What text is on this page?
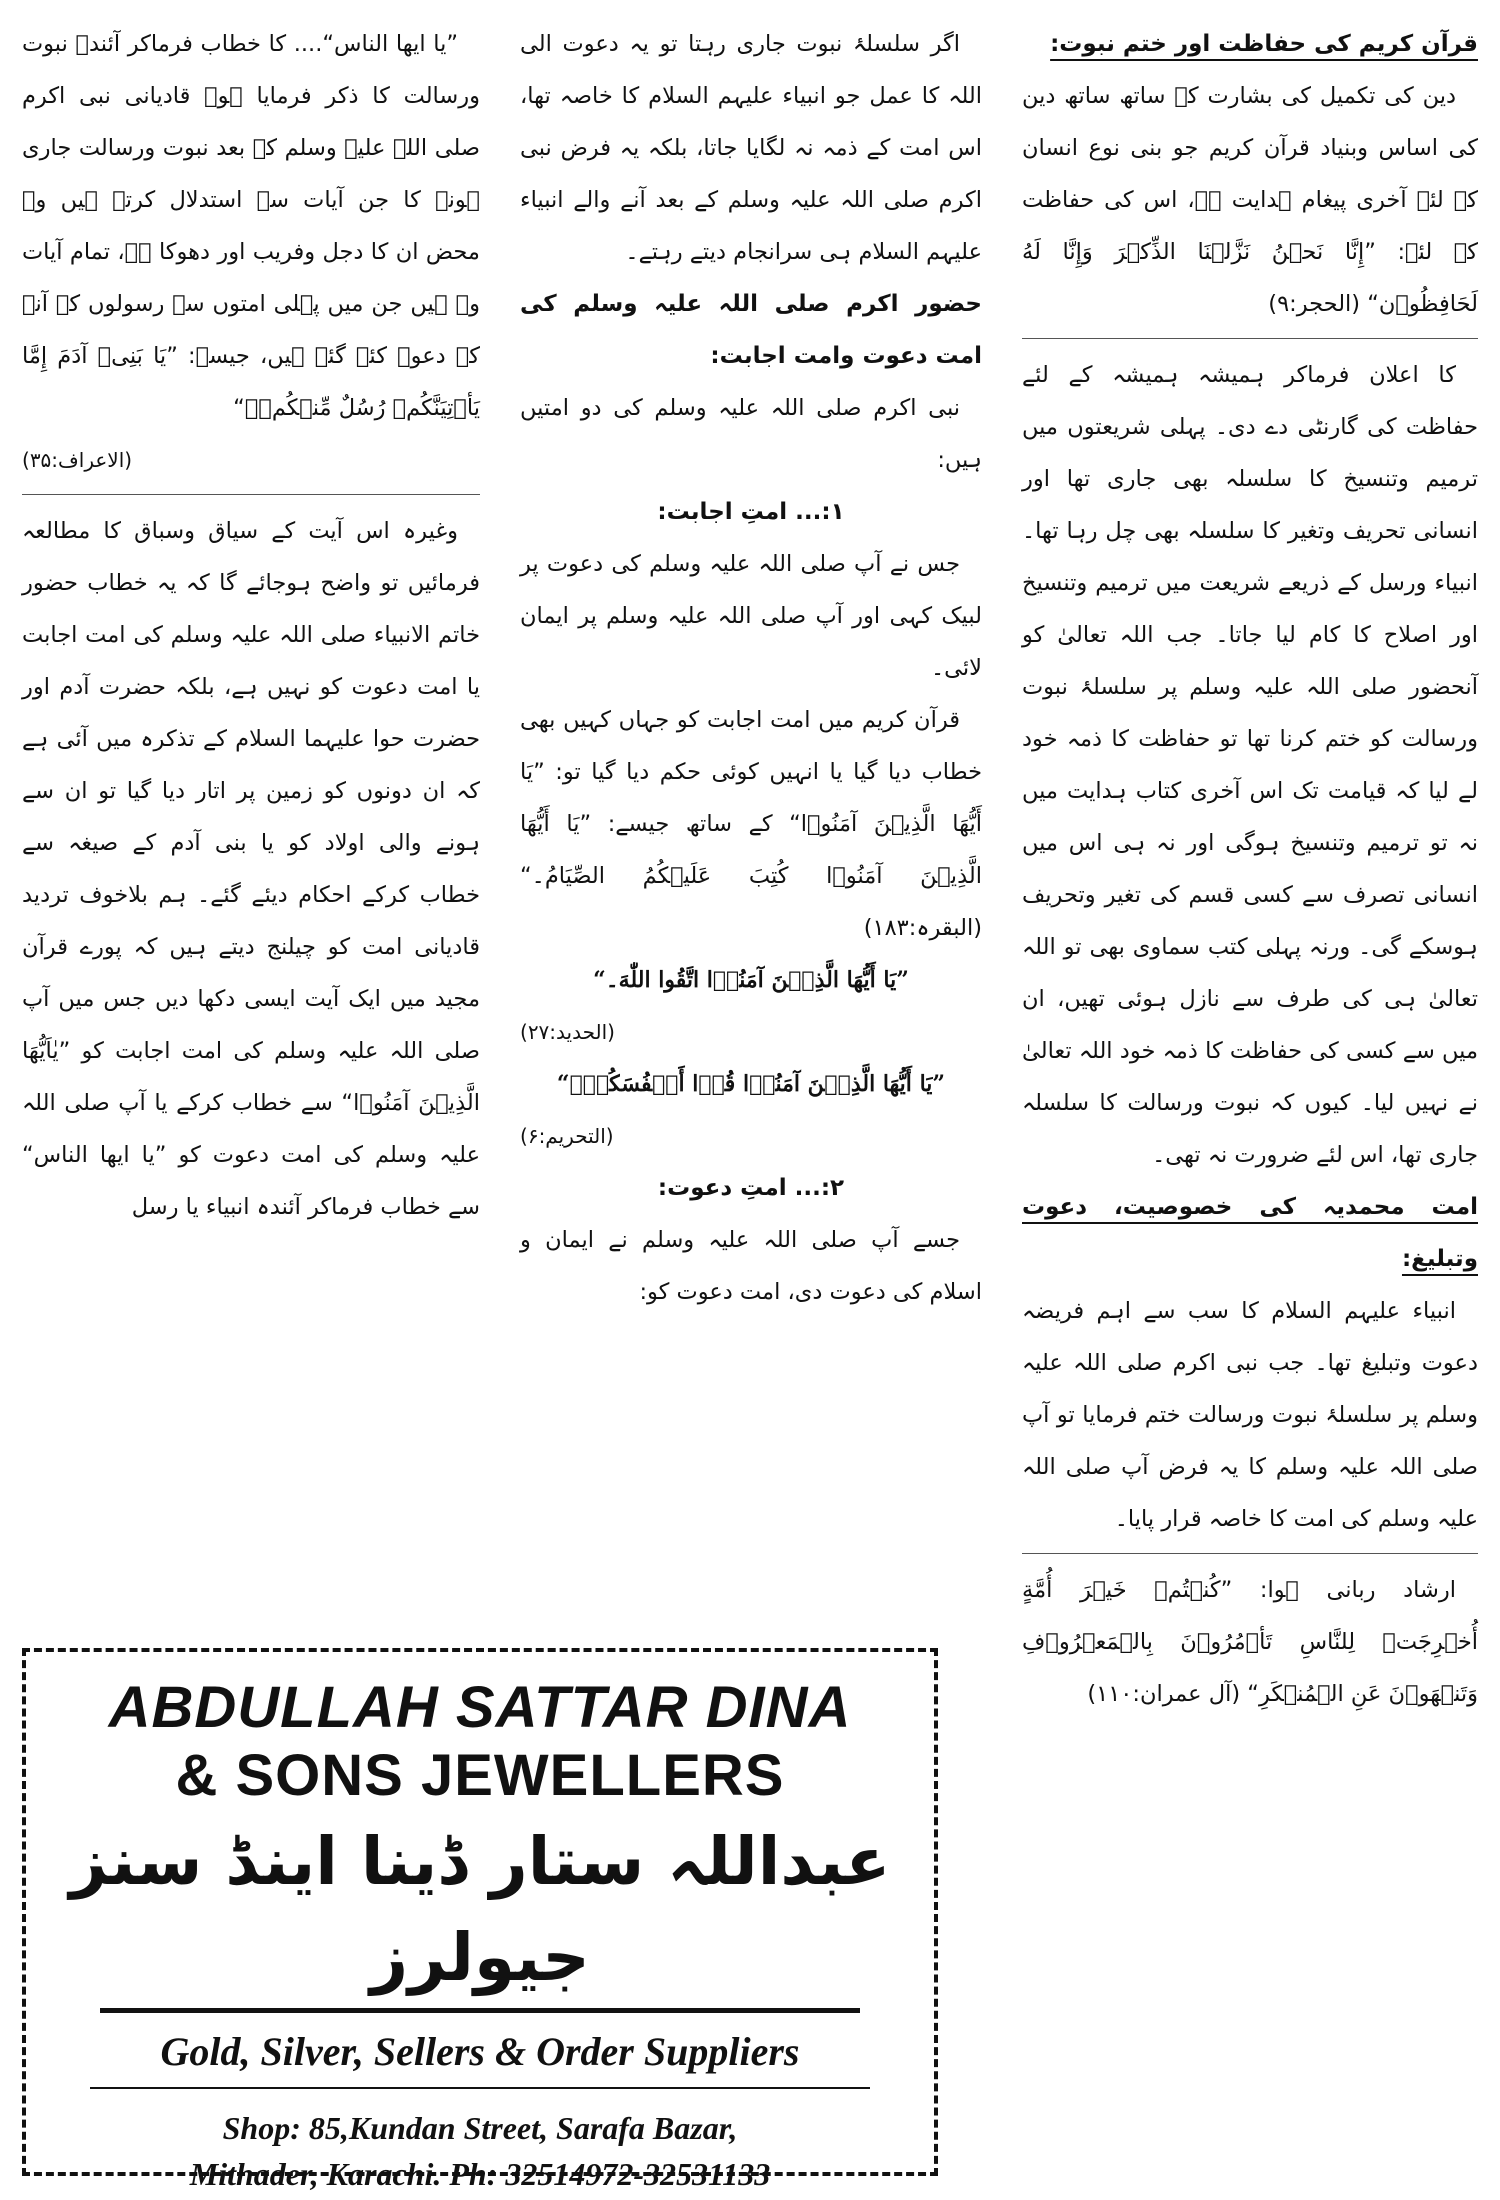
قرآن کریم کی حفاظت اور ختم نبوت:

دین کی تکمیل کی بشارت کے ساتھ ساتھ دین کی اساس وبنیاد قرآن کریم جو بنی نوع انسان کے لئے آخری پیغام ہدایت ہے، اس کی حفاظت کے لئے: ”إِنَّا نَحۡنُ نَزَّلۡنَا الذِّکۡرَ وَإِنَّا لَهُ لَحَافِظُوۡن“ (الحجر:۹)

کا اعلان فرماکر ہمیشہ ہمیشہ کے لئے حفاظت کی گارنٹی دے دی۔ پہلی شریعتوں میں ترمیم وتنسیخ کا سلسلہ بھی جاری تھا اور انسانی تحریف وتغیر کا سلسلہ بھی چل رہا تھا۔ انبیاء ورسل کے ذریعے شریعت میں ترمیم وتنسیخ اور اصلاح کا کام لیا جاتا۔ جب اللہ تعالیٰ کو آنحضور صلی اللہ علیہ وسلم پر سلسلۂ نبوت ورسالت کو ختم کرنا تھا تو حفاظت کا ذمہ خود لے لیا کہ قیامت تک اس آخری کتاب ہدایت میں نہ تو ترمیم وتنسیخ ہوگی اور نہ ہی اس میں انسانی تصرف سے کسی قسم کی تغیر وتحریف ہوسکے گی۔ ورنہ پہلی کتب سماوی بھی تو اللہ تعالیٰ ہی کی طرف سے نازل ہوئی تھیں، ان میں سے کسی کی حفاظت کا ذمہ خود اللہ تعالیٰ نے نہیں لیا۔ کیوں کہ نبوت ورسالت کا سلسلہ جاری تھا، اس لئے ضرورت نہ تھی۔

امت محمدیہ کی خصوصیت، دعوت وتبلیغ:

انبیاء علیہم السلام کا سب سے اہم فریضہ دعوت وتبلیغ تھا۔ جب نبی اکرم صلی اللہ علیہ وسلم پر سلسلۂ نبوت ورسالت ختم فرمایا تو آپ صلی اللہ علیہ وسلم کا یہ فرض آپ صلی اللہ علیہ وسلم کی امت کا خاصہ قرار پایا۔

ارشاد ربانی ہوا: ”کُنۡتُمۡ خَیۡرَ أُمَّةٍ أُخۡرِجَتۡ لِلنَّاسِ تَأۡمُرُوۡنَ بِالۡمَعۡرُوۡفِ وَتَنۡهَوۡنَ عَنِ الۡمُنۡکَرِ“ (آل عمران:۱۱۰)

اگر سلسلۂ نبوت جاری رہتا تو یہ دعوت الی اللہ کا عمل جو انبیاء علیہم السلام کا خاصہ تھا، اس امت کے ذمہ نہ لگایا جاتا، بلکہ یہ فرض نبی اکرم صلی اللہ علیہ وسلم کے بعد آنے والے انبیاء علیہم السلام ہی سرانجام دیتے رہتے۔

حضور اکرم صلی اللہ علیہ وسلم کی امت دعوت وامت اجابت:

نبی اکرم صلی اللہ علیہ وسلم کی دو امتیں ہیں:

۱:... امتِ اجابت:

جس نے آپ صلی اللہ علیہ وسلم کی دعوت پر لبیک کہی اور آپ صلی اللہ علیہ وسلم پر ایمان لائی۔

قرآن کریم میں امت اجابت کو جہاں کہیں بھی خطاب دیا گیا یا انہیں کوئی حکم دیا گیا تو: ”یَا أَیُّهَا الَّذِیۡنَ آمَنُوۡا“ کے ساتھ جیسے: ”یَا أَیُّهَا الَّذِیۡنَ آمَنُوۡا کُتِبَ عَلَیۡکُمُ الصِّیَامُ۔“ (البقرہ:۱۸۳)

”یَا أَیُّهَا الَّذِیۡنَ آمَنُوۡا اتَّقُوا اللّٰهَ۔“

(الحدید:۲۷)

”یَا أَیُّهَا الَّذِیۡنَ آمَنُوۡا قُوۡا أَنۡفُسَکُمۡ۔“

(التحریم:۶)

۲:... امتِ دعوت:

جسے آپ صلی اللہ علیہ وسلم نے ایمان و اسلام کی دعوت دی، امت دعوت کو:

”یا ایها الناس“.... کا خطاب فرماکر آئندہ نبوت ورسالت کا ذکر فرمایا ہو۔ قادیانی نبی اکرم صلی اللہ علیہ وسلم کے بعد نبوت ورسالت جاری ہونے کا جن آیات سے استدلال کرتے ہیں وہ محض ان کا دجل وفریب اور دھوکا ہے، تمام آیات وہ ہیں جن میں پہلی امتوں سے رسولوں کے آنے کے دعوے کئے گئے ہیں، جیسے: ”یَا بَنِیۡ آدَمَ إِمَّا یَأۡتِیَنَّکُمۡ رُسُلٌ مِّنۡکُمۡ۔“

(الاعراف:۳۵)

وغیرہ اس آیت کے سیاق وسباق کا مطالعہ فرمائیں تو واضح ہوجائے گا کہ یہ خطاب حضور خاتم الانبیاء صلی اللہ علیہ وسلم کی امت اجابت یا امت دعوت کو نہیں ہے، بلکہ حضرت آدم اور حضرت حوا علیہما السلام کے تذکرہ میں آئی ہے کہ ان دونوں کو زمین پر اتار دیا گیا تو ان سے ہونے والی اولاد کو یا بنی آدم کے صیغہ سے خطاب کرکے احکام دیئے گئے۔ ہم بلاخوف تردید قادیانی امت کو چیلنج دیتے ہیں کہ پورے قرآن مجید میں ایک آیت ایسی دکھا دیں جس میں آپ صلی اللہ علیہ وسلم کی امت اجابت کو ”یٰاَیُّهَا الَّذِیۡنَ آمَنُوۡا“ سے خطاب کرکے یا آپ صلی اللہ علیہ وسلم کی امت دعوت کو ”یا ایها الناس“ سے خطاب فرماکر آئندہ انبیاء یا رسل

ABDULLAH SATTAR DINA

& SONS JEWELLERS

عبداللہ ستار ڈینا اینڈ سنز جیولرز

Gold, Silver, Sellers & Order Suppliers

Shop: 85,Kundan Street, Sarafa Bazar,

Mithader, Karachi. Ph: 32514972-32531133
